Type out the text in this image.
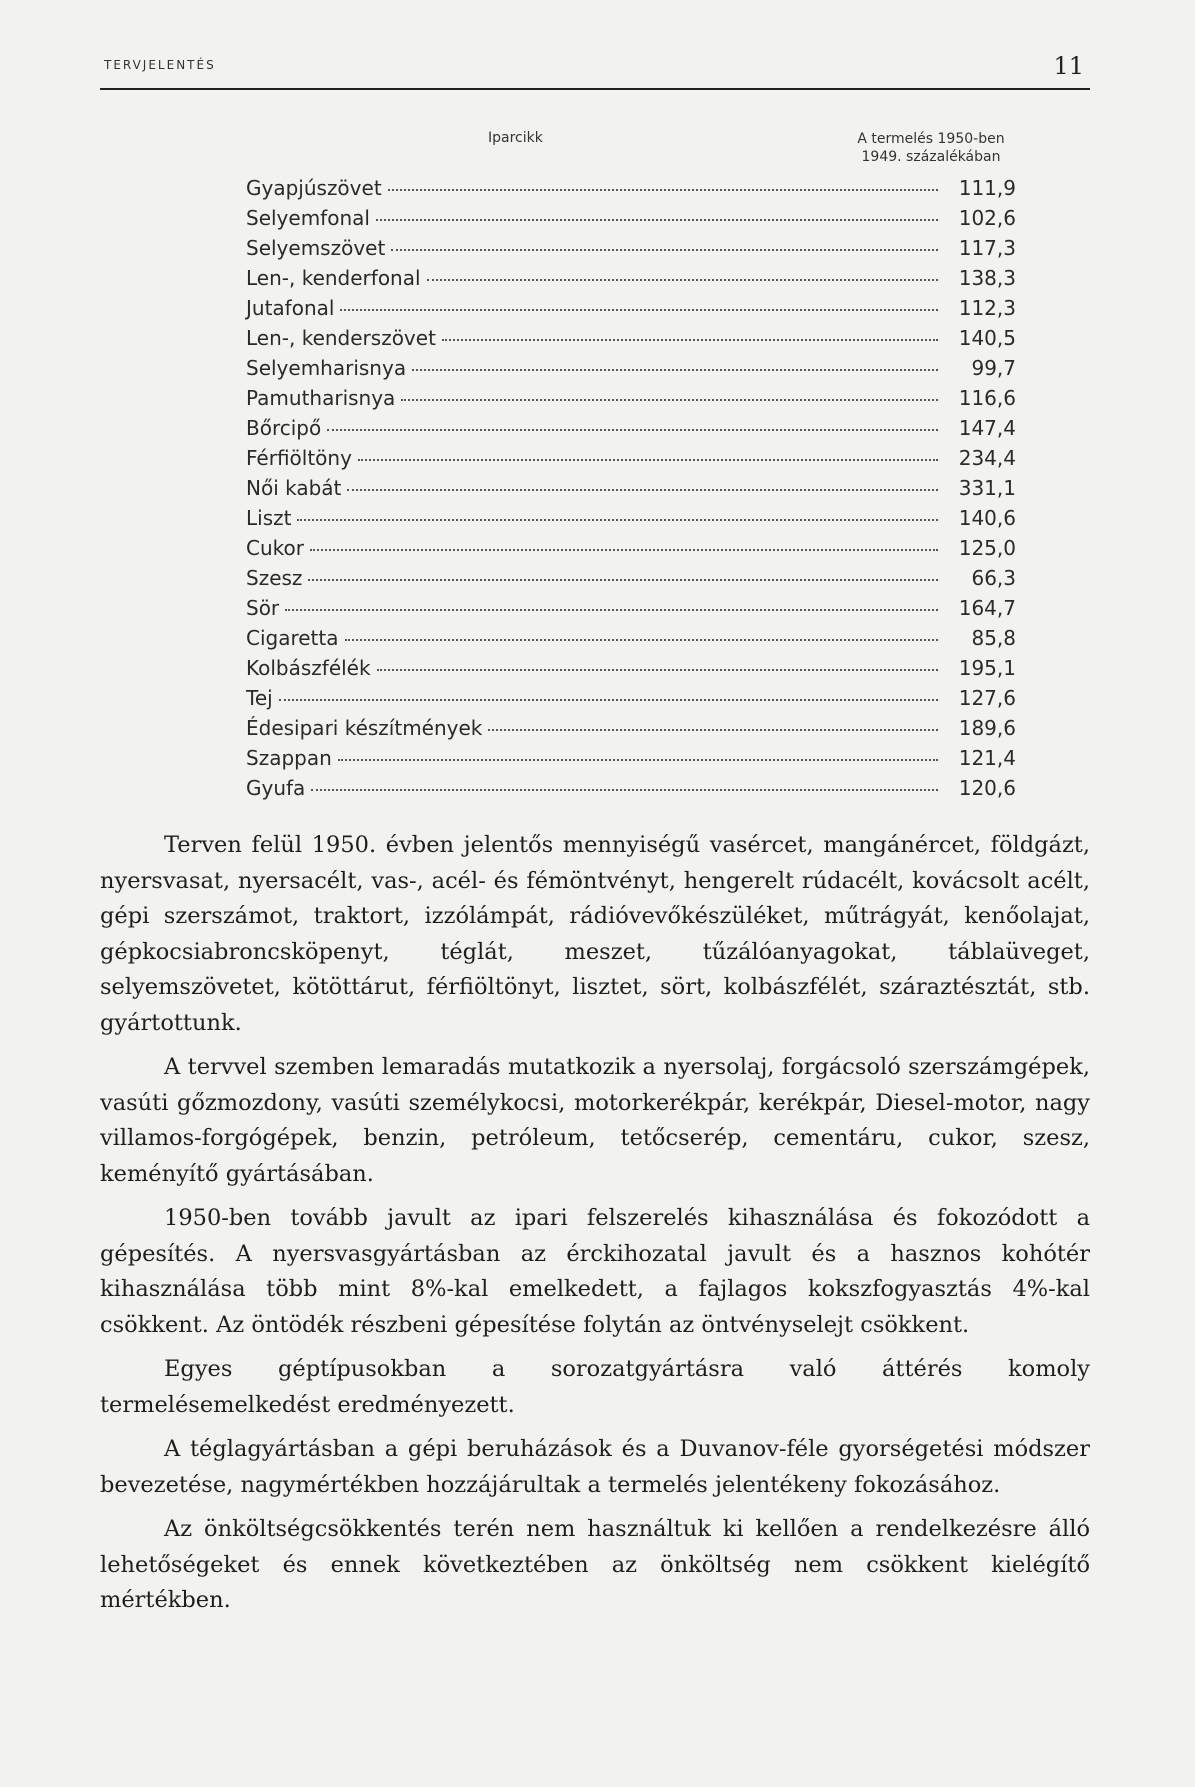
TERVJELENTÉS	11
Iparcikk	A termelés 1950-ben
1949. százalékában
Gyapjúszövet	111,9
Selyemfonal	102,6
Selyemszövet	117,3
Len-, kenderfonal	138,3
Jutafonal	112,3
Len-, kenderszövet	140,5
Selyemharisnya	99,7
Pamutharisnya	116,6
Bőrcipő	147,4
Férfiöltöny	234,4
Női kabát	331,1
Liszt	140,6
Cukor	125,0
Szesz	66,3
Sör	164,7
Cigaretta	85,8
Kolbászfélék	195,1
Tej	127,6
Édesipari készítmények	189,6
Szappan	121,4
Gyufa	120,6

Terven felül 1950. évben jelentős mennyiségű vasércet, mangánércet, földgázt, nyersvasat, nyersacélt, vas-, acél- és fémöntvényt, hengerelt rúdacélt, kovácsolt acélt, gépi szerszámot, traktort, izzólámpát, rádióvevőkészüléket, műtrágyát, kenőolajat, gépkocsiabroncsköpenyt, téglát, meszet, tűzálóanyagokat, táblaüveget, selyemszövetet, kötöttárut, férfiöltönyt, lisztet, sört, kolbászfélét, száraztésztát, stb. gyártottunk.

A tervvel szemben lemaradás mutatkozik a nyersolaj, forgácsoló szerszámgépek, vasúti gőzmozdony, vasúti személykocsi, motorkerékpár, kerékpár, Diesel-motor, nagy villamos-forgógépek, benzin, petróleum, tetőcserép, cementáru, cukor, szesz, keményítő gyártásában.

1950-ben tovább javult az ipari felszerelés kihasználása és fokozódott a gépesítés. A nyersvasgyártásban az érckihozatal javult és a hasznos kohótér kihasználása több mint 8%-kal emelkedett, a fajlagos kokszfogyasztás 4%-kal csökkent. Az öntödék részbeni gépesítése folytán az öntvényselejt csökkent.

Egyes géptípusokban a sorozatgyártásra való áttérés komoly termelésemelkedést eredményezett.

A téglagyártásban a gépi beruházások és a Duvanov-féle gyorségetési módszer bevezetése, nagymértékben hozzájárultak a termelés jelentékeny fokozásához.

Az önköltségcsökkentés terén nem használtuk ki kellően a rendelkezésre álló lehetőségeket és ennek következtében az önköltség nem csökkent kielégítő mértékben.
